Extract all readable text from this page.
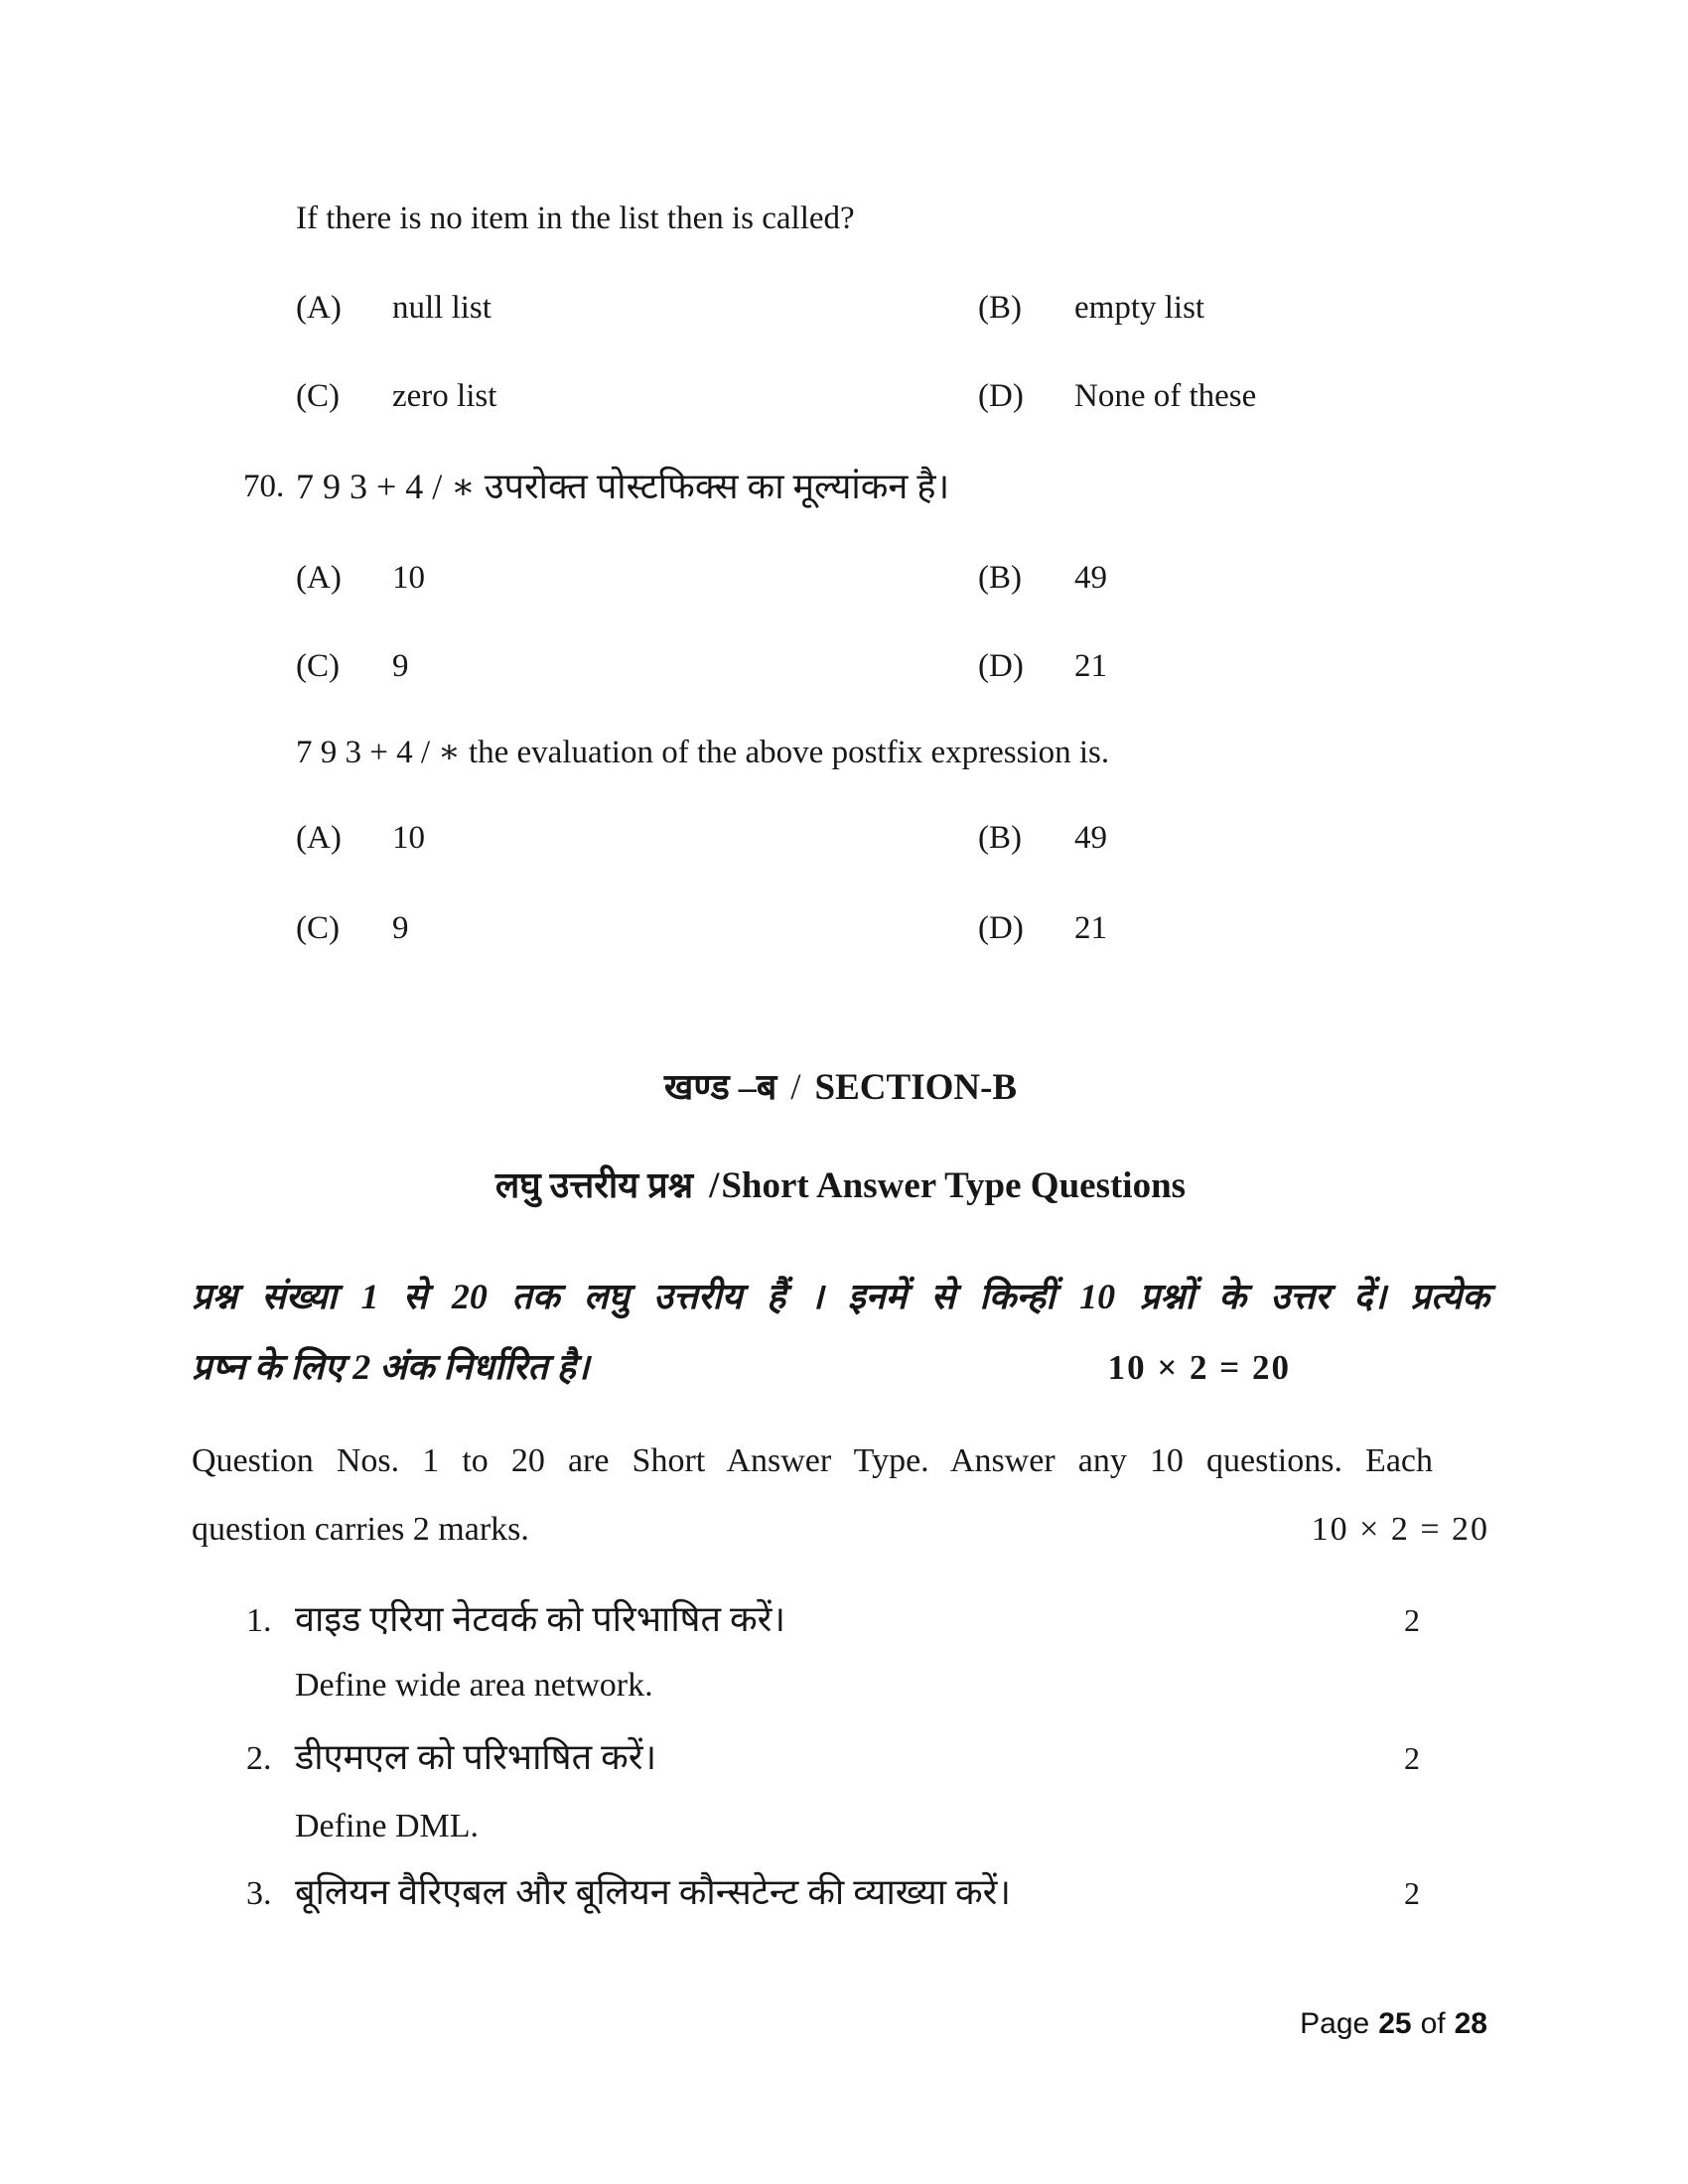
If there is no item in the list then is called?
(A)	null list	(B)	empty list
(C)	zero list	(D)	None of these
70. 7 9 3 + 4 / ∗ उपरोक्त पोस्टफिक्स का मूल्यांकन है।
(A)	10	(B)	49
(C)	9	(D)	21
7 9 3 + 4 / ∗ the evaluation of the above postfix expression is.
(A)	10	(B)	49
(C)	9	(D)	21
खण्ड –ब / SECTION-B
लघु उत्तरीय प्रश्न /Short Answer Type Questions
प्रश्न संख्या 1 से 20 तक लघु उत्तरीय हैं । इनमें से किन्हीं 10 प्रश्नों के उत्तर दें। प्रत्येक
प्रष्न के लिए 2 अंक निर्धारित है।	10 × 2 = 20
Question Nos. 1 to 20 are Short Answer Type. Answer any 10 questions. Each
question carries 2 marks.	10 × 2 = 20
1. वाइड एरिया नेटवर्क को परिभाषित करें।	2
Define wide area network.
2. डीएमएल को परिभाषित करें।	2
Define DML.
3. बूलियन वैरिएबल और बूलियन कौन्सटेन्ट की व्याख्या करें।	2
Page 25 of 28
